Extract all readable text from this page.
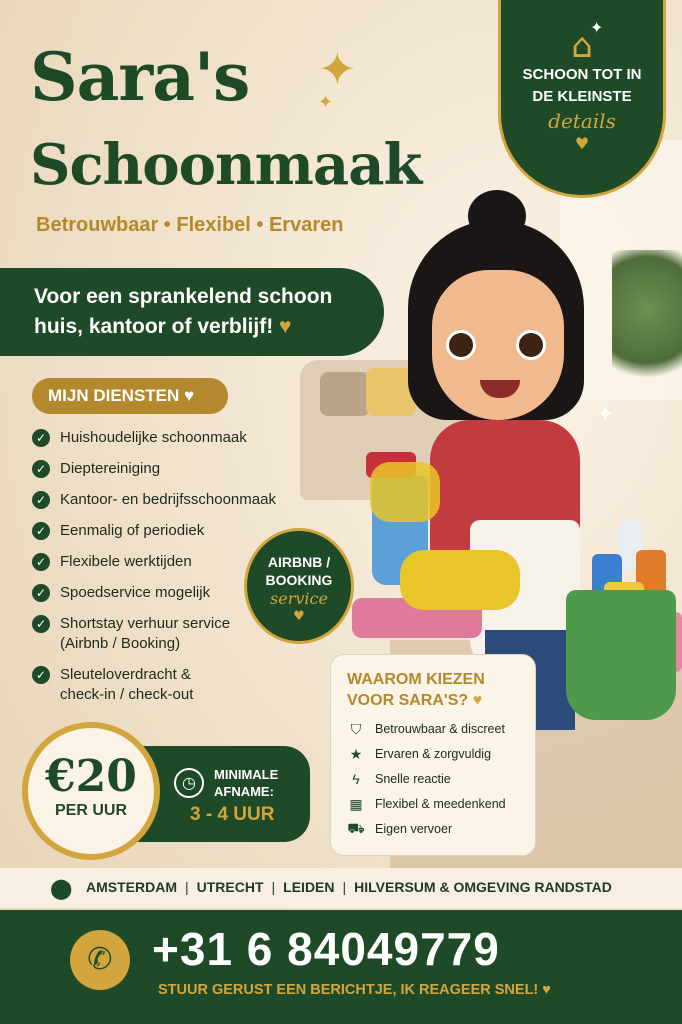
Sara's
Schoonmaak
✦
✦
Betrouwbaar • Flexibel • Ervaren
⌂
SCHOON TOT IN
DE KLEINSTE
details
♥
✦
Voor een sprankelend schoon
huis, kantoor of verblijf! ♥
✦
MIJN DIENSTEN ♥
✓ Huishoudelijke schoonmaak
✓ Dieptereiniging
✓ Kantoor- en bedrijfsschoonmaak
✓ Eenmalig of periodiek
✓ Flexibele werktijden
✓ Spoedservice mogelijk
✓ Shortstay verhuur service
(Airbnb / Booking)
✓ Sleuteloverdracht &
check-in / check-out
AIRBNB /
BOOKING
service
♥
WAAROM KIEZEN
VOOR SARA'S? ♥
⛉	Betrouwbaar & discreet
★ Ervaren & zorgvuldig
ϟ	Snelle reactie
▦ Flexibel & meedenkend
⛟ Eigen vervoer
€20
PER UUR
◷	MINIMALE
AFNAME:
3 - 4 UUR
AMSTERDAM | UTRECHT | LEIDEN | HILVERSUM & OMGEVING RANDSTAD
⬤
✆ +31 6 84049779
STUUR GERUST EEN BERICHTJE, IK REAGEER SNEL! ♥
